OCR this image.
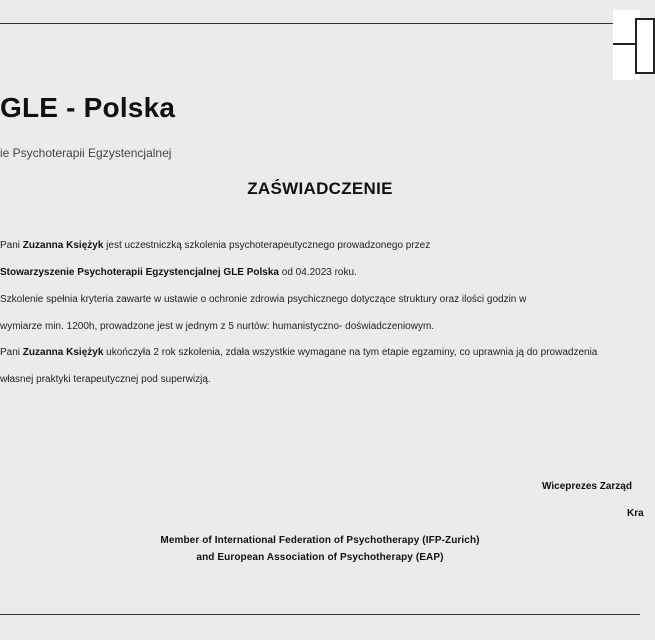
GLE - Polska
ie Psychoterapii Egzystencjalnej
ZAŚWIADCZENIE
Pani Zuzanna Księżyk jest uczestniczką szkolenia psychoterapeutycznego prowadzonego przez
Stowarzyszenie Psychoterapii Egzystencjalnej GLE Polska od 04.2023 roku.
Szkolenie spełnia kryteria zawarte w ustawie o ochronie zdrowia psychicznego dotyczące struktury oraz ilości godzin w
wymiarze min. 1200h, prowadzone jest w jednym z 5 nurtów: humanistyczno- doświadczeniowym.
Pani Zuzanna Księżyk ukończyła 2 rok szkolenia, zdała wszystkie wymagane na tym etapie egzaminy, co uprawnia ją do prowadzenia
własnej praktyki terapeutycznej pod superwizją.
Wiceprezes Zarząd
Kra
Member of International Federation of Psychotherapy (IFP-Zurich)
and European Association of Psychotherapy (EAP)
